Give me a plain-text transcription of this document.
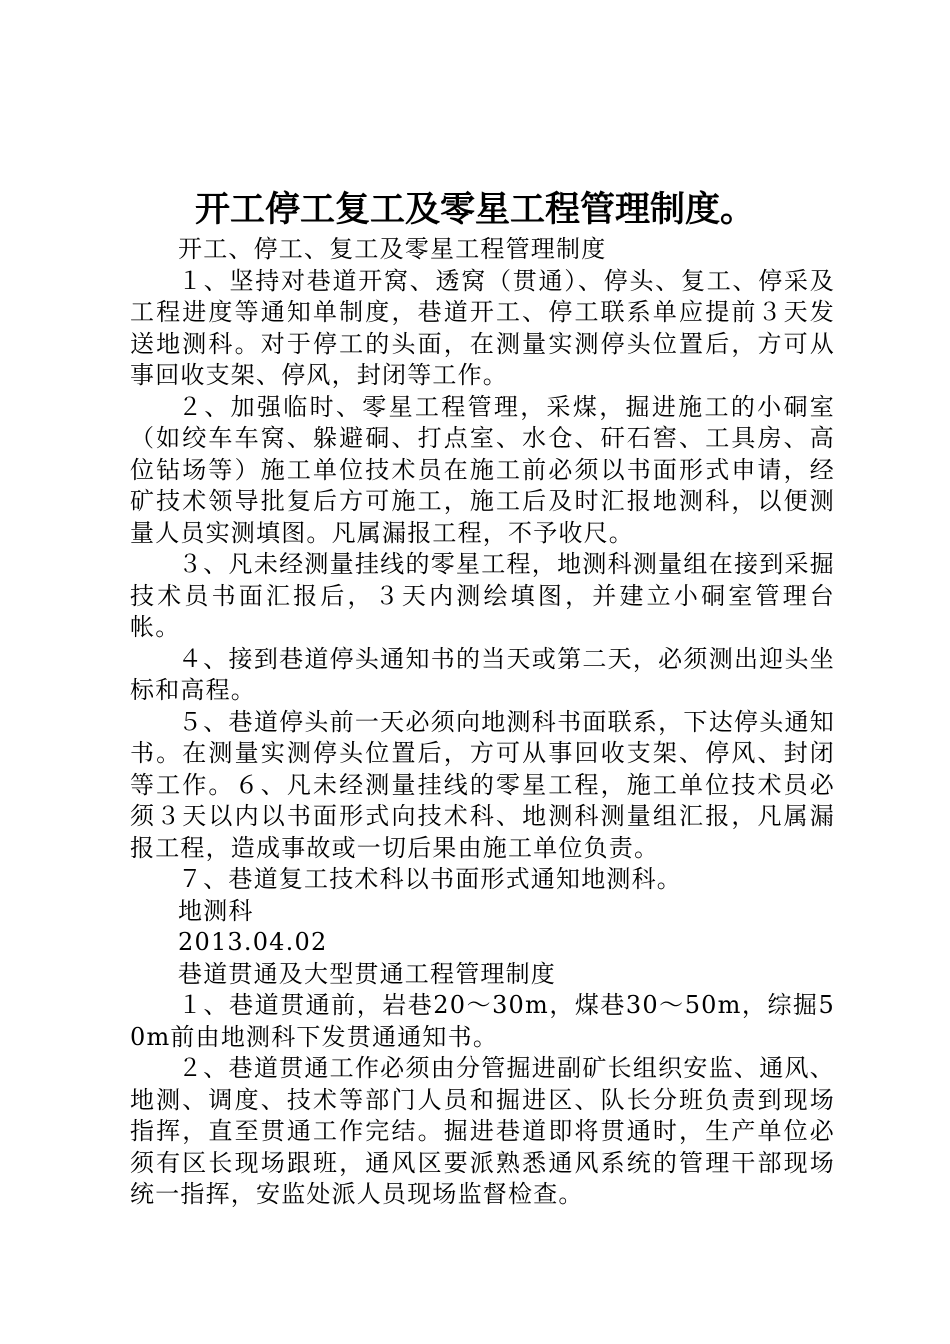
开工停工复工及零星工程管理制度。

开工、停工、复工及零星工程管理制度

１、坚持对巷道开窝、透窝（贯通）、停头、复工、停采及工程进度等通知单制度，巷道开工、停工联系单应提前３天发送地测科。对于停工的头面，在测量实测停头位置后，方可从事回收支架、停风，封闭等工作。

２、加强临时、零星工程管理，采煤，掘进施工的小硐室（如绞车车窝、躲避硐、打点室、水仓、矸石窖、工具房、高位钻场等）施工单位技术员在施工前必须以书面形式申请，经矿技术领导批复后方可施工，施工后及时汇报地测科，以便测量人员实测填图。凡属漏报工程，不予收尺。

３、凡未经测量挂线的零星工程，地测科测量组在接到采掘技术员书面汇报后，３天内测绘填图，并建立小硐室管理台帐。

４、接到巷道停头通知书的当天或第二天，必须测出迎头坐标和高程。

５、巷道停头前一天必须向地测科书面联系，下达停头通知书。在测量实测停头位置后，方可从事回收支架、停风、封闭等工作。６、凡未经测量挂线的零星工程，施工单位技术员必须３天以内以书面形式向技术科、地测科测量组汇报，凡属漏报工程，造成事故或一切后果由施工单位负责。

７、巷道复工技术科以书面形式通知地测科。

地测科

2013.04.02

巷道贯通及大型贯通工程管理制度

１、巷道贯通前，岩巷20～30m，煤巷30～50m，综掘50m前由地测科下发贯通通知书。

２、巷道贯通工作必须由分管掘进副矿长组织安监、通风、地测、调度、技术等部门人员和掘进区、队长分班负责到现场指挥，直至贯通工作完结。掘进巷道即将贯通时，生产单位必须有区长现场跟班，通风区要派熟悉通风系统的管理干部现场统一指挥，安监处派人员现场监督检查。
